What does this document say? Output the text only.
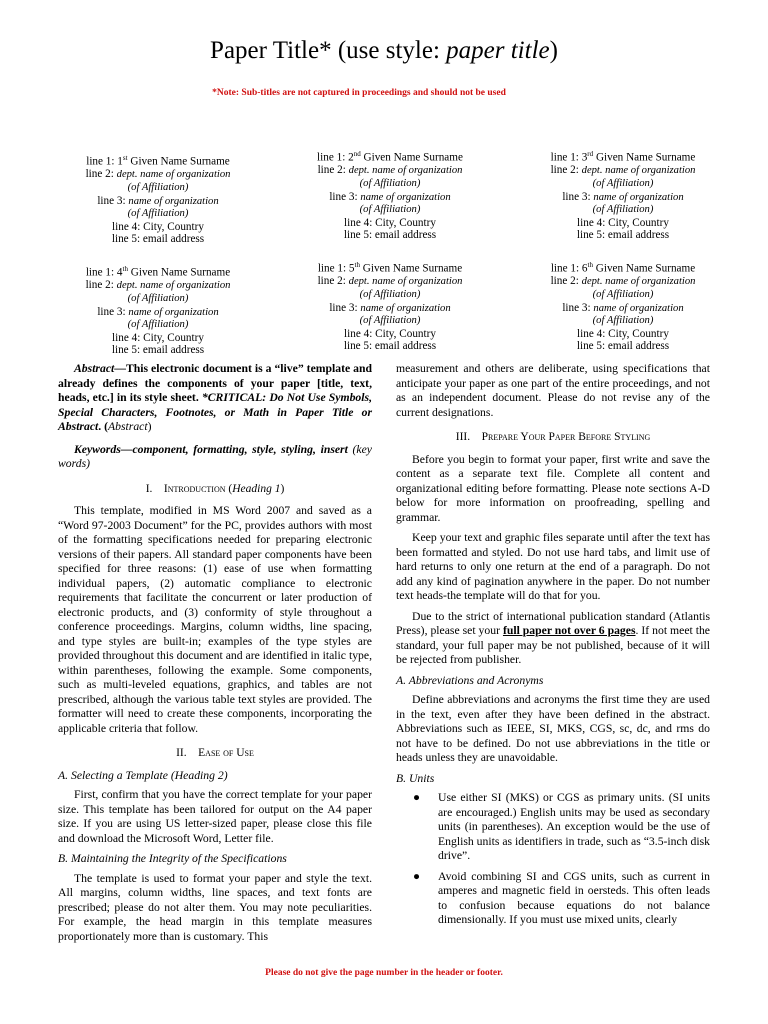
Paper Title* (use style: paper title)
*Note: Sub-titles are not captured in proceedings and should not be used
line 1: 1st Given Name Surname
line 2: dept. name of organization
(of Affiliation)
line 3: name of organization
(of Affiliation)
line 4: City, Country
line 5: email address
line 1: 2nd Given Name Surname
line 2: dept. name of organization
(of Affiliation)
line 3: name of organization
(of Affiliation)
line 4: City, Country
line 5: email address
line 1: 3rd Given Name Surname
line 2: dept. name of organization
(of Affiliation)
line 3: name of organization
(of Affiliation)
line 4: City, Country
line 5: email address
line 1: 4th Given Name Surname
line 2: dept. name of organization
(of Affiliation)
line 3: name of organization
(of Affiliation)
line 4: City, Country
line 5: email address
line 1: 5th Given Name Surname
line 2: dept. name of organization
(of Affiliation)
line 3: name of organization
(of Affiliation)
line 4: City, Country
line 5: email address
line 1: 6th Given Name Surname
line 2: dept. name of organization
(of Affiliation)
line 3: name of organization
(of Affiliation)
line 4: City, Country
line 5: email address

Abstract—This electronic document is a “live” template and already defines the components of your paper [title, text, heads, etc.] in its style sheet. *CRITICAL: Do Not Use Symbols, Special Characters, Footnotes, or Math in Paper Title or Abstract. (Abstract)

Keywords—component, formatting, style, styling, insert (key words)

I. Introduction (Heading 1)

This template, modified in MS Word 2007 and saved as a “Word 97-2003 Document” for the PC, provides authors with most of the formatting specifications needed for preparing electronic versions of their papers. All standard paper components have been specified for three reasons: (1) ease of use when formatting individual papers, (2) automatic compliance to electronic requirements that facilitate the concurrent or later production of electronic products, and (3) conformity of style throughout a conference proceedings. Margins, column widths, line spacing, and type styles are built-in; examples of the type styles are provided throughout this document and are identified in italic type, within parentheses, following the example. Some components, such as multi-leveled equations, graphics, and tables are not prescribed, although the various table text styles are provided. The formatter will need to create these components, incorporating the applicable criteria that follow.

II. Ease of Use
A. Selecting a Template (Heading 2)

First, confirm that you have the correct template for your paper size. This template has been tailored for output on the A4 paper size. If you are using US letter-sized paper, please close this file and download the Microsoft Word, Letter file.

B. Maintaining the Integrity of the Specifications

The template is used to format your paper and style the text. All margins, column widths, line spaces, and text fonts are prescribed; please do not alter them. You may note peculiarities. For example, the head margin in this template measures proportionately more than is customary. This

measurement and others are deliberate, using specifications that anticipate your paper as one part of the entire proceedings, and not as an independent document. Please do not revise any of the current designations.

III. Prepare Your Paper Before Styling

Before you begin to format your paper, first write and save the content as a separate text file. Complete all content and organizational editing before formatting. Please note sections A-D below for more information on proofreading, spelling and grammar.

Keep your text and graphic files separate until after the text has been formatted and styled. Do not use hard tabs, and limit use of hard returns to only one return at the end of a paragraph. Do not add any kind of pagination anywhere in the paper. Do not number text heads-the template will do that for you.

Due to the strict of international publication standard (Atlantis Press), please set your full paper not over 6 pages. If not meet the standard, your full paper may be not published, because of it will be rejected from publisher.

A. Abbreviations and Acronyms

Define abbreviations and acronyms the first time they are used in the text, even after they have been defined in the abstract. Abbreviations such as IEEE, SI, MKS, CGS, sc, dc, and rms do not have to be defined. Do not use abbreviations in the title or heads unless they are unavoidable.

B. Units
● Use either SI (MKS) or CGS as primary units. (SI units are encouraged.) English units may be used as secondary units (in parentheses). An exception would be the use of English units as identifiers in trade, such as “3.5-inch disk drive”.
● Avoid combining SI and CGS units, such as current in amperes and magnetic field in oersteds. This often leads to confusion because equations do not balance dimensionally. If you must use mixed units, clearly
Please do not give the page number in the header or footer.
